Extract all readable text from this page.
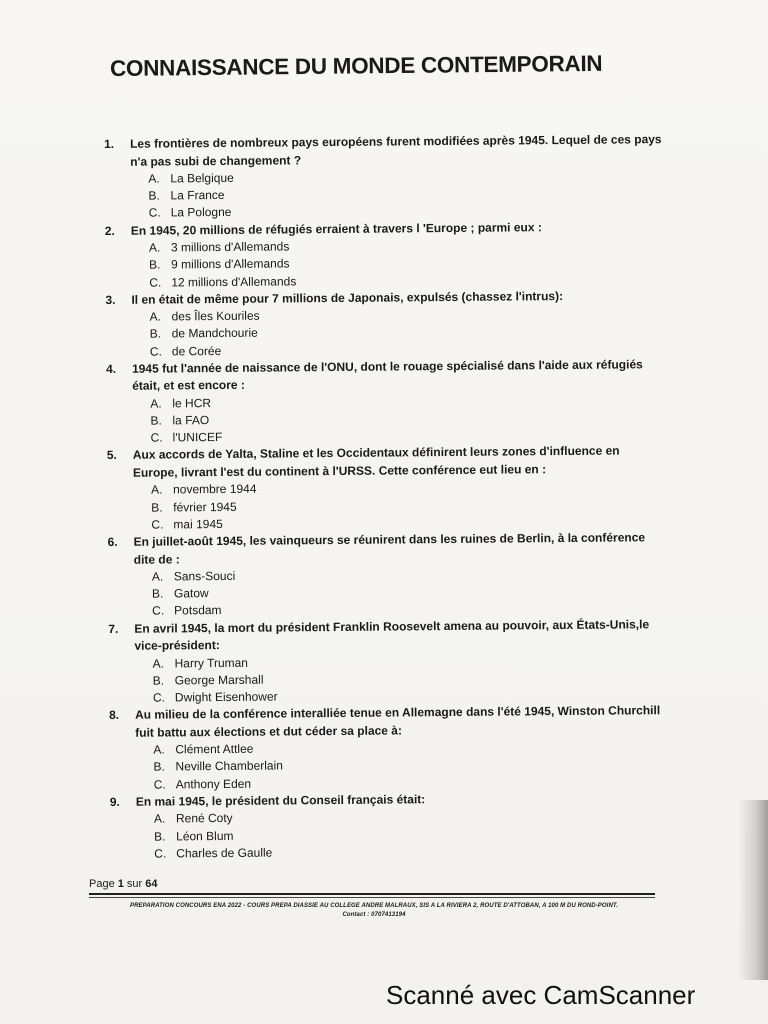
CONNAISSANCE DU MONDE CONTEMPORAIN
1.	Les frontières de nombreux pays européens furent modifiées après 1945. Lequel de ces pays n'a pas subi de changement ?
A. La Belgique
B. La France
C. La Pologne
2.	En 1945, 20 millions de réfugiés erraient à travers l 'Europe ; parmi eux :
A. 3 millions d'Allemands
B. 9 millions d'Allemands
C. 12 millions d'Allemands
3.	Il en était de même pour 7 millions de Japonais, expulsés (chassez l'intrus):
A. des Îles Kouriles
B. de Mandchourie
C. de Corée
4.	1945 fut l'année de naissance de l'ONU, dont le rouage spécialisé dans l'aide aux réfugiés était, et est encore :
A. le HCR
B. la FAO
C. l'UNICEF
5.	Aux accords de Yalta, Staline et les Occidentaux définirent leurs zones d'influence en Europe, livrant l'est du continent à l'URSS. Cette conférence eut lieu en :
A. novembre 1944
B. février 1945
C. mai 1945
6.	En juillet-août 1945, les vainqueurs se réunirent dans les ruines de Berlin, à la conférence dite de :
A. Sans-Souci
B. Gatow
C. Potsdam
7.	En avril 1945, la mort du président Franklin Roosevelt amena au pouvoir, aux États-Unis,le vice-président:
A. Harry Truman
B. George Marshall
C. Dwight Eisenhower
8.	Au milieu de la conférence interalliée tenue en Allemagne dans l'été 1945, Winston Churchill fuit battu aux élections et dut céder sa place à:
A. Clément Attlee
B. Neville Chamberlain
C. Anthony Eden
9.	En mai 1945, le président du Conseil français était:
A. René Coty
B. Léon Blum
C. Charles de Gaulle
Page 1 sur 64
PREPARATION CONCOURS ENA 2022 - COURS PREPA DIASSIE AU COLLEGE ANDRE MALRAUX, SIS A LA RIVIERA 2, ROUTE D'ATTOBAN, A 100 M DU ROND-POINT.
Contact : 0707413194
Scanné avec CamScanner
